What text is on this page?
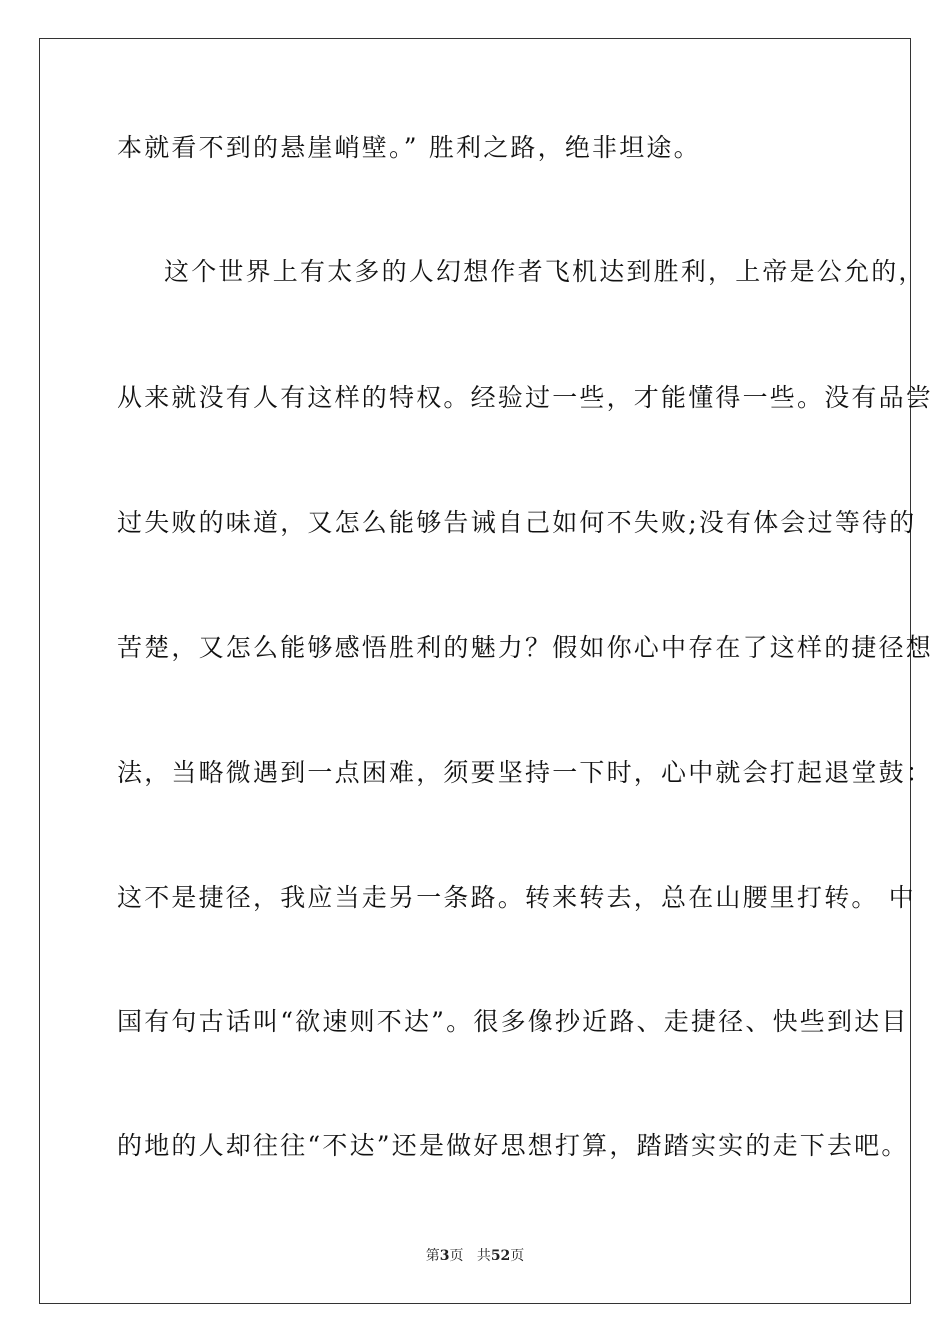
本就看不到的悬崖峭壁。” 胜利之路，绝非坦途。
这个世界上有太多的人幻想作者飞机达到胜利，上帝是公允的，
从来就没有人有这样的特权。经验过一些，才能懂得一些。没有品尝
过失败的味道，又怎么能够告诫自己如何不失败;没有体会过等待的
苦楚，又怎么能够感悟胜利的魅力？假如你心中存在了这样的捷径想
法，当略微遇到一点困难，须要坚持一下时，心中就会打起退堂鼓：
这不是捷径，我应当走另一条路。转来转去，总在山腰里打转。 中
国有句古话叫“欲速则不达”。很多像抄近路、走捷径、快些到达目
的地的人却往往“不达”还是做好思想打算，踏踏实实的走下去吧。
第3页 共52页
